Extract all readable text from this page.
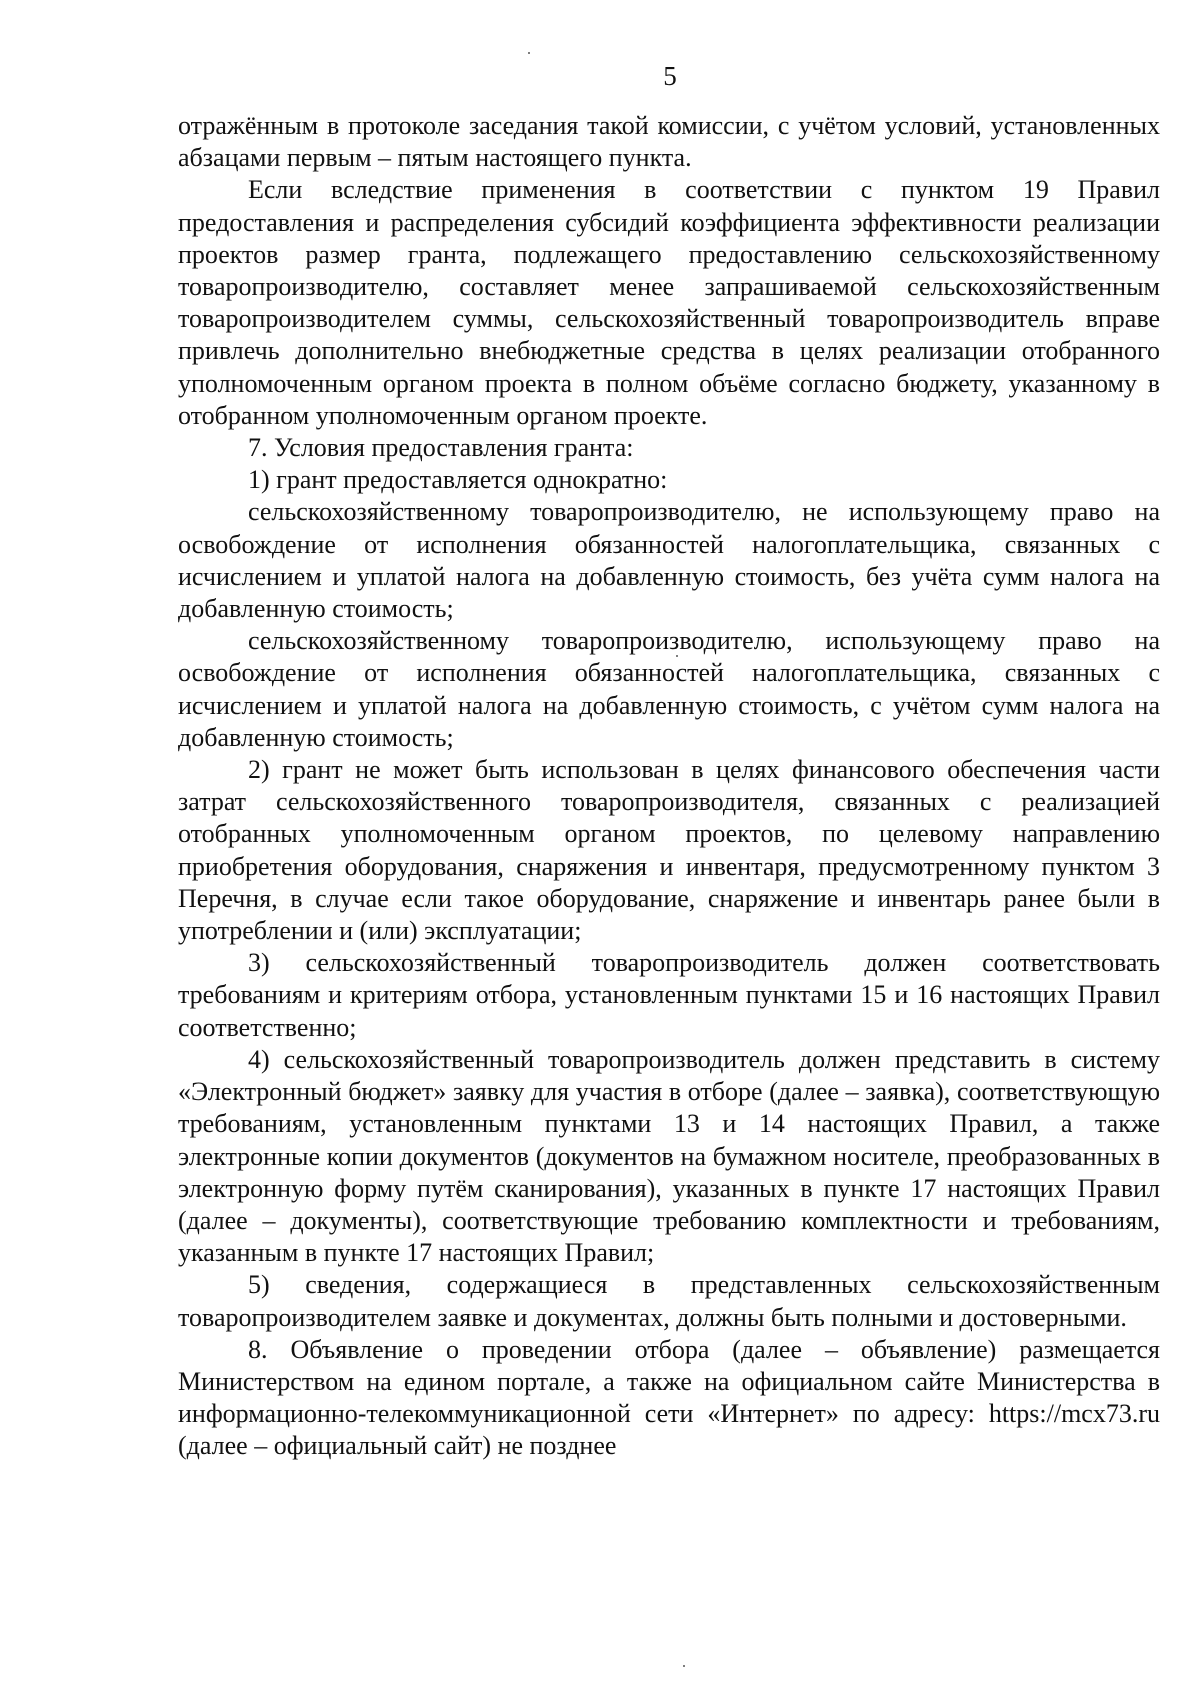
5

отражённым в протоколе заседания такой комиссии, с учётом условий, установленных абзацами первым – пятым настоящего пункта.

Если вследствие применения в соответствии с пунктом 19 Правил предоставления и распределения субсидий коэффициента эффективности реализации проектов размер гранта, подлежащего предоставлению сельскохозяйственному товаропроизводителю, составляет менее запрашиваемой сельскохозяйственным товаропроизводителем суммы, сельскохозяйственный товаропроизводитель вправе привлечь дополнительно внебюджетные средства в целях реализации отобранного уполномоченным органом проекта в полном объёме согласно бюджету, указанному в отобранном уполномоченным органом проекте.

7. Условия предоставления гранта:

1) грант предоставляется однократно:

сельскохозяйственному товаропроизводителю, не использующему право на освобождение от исполнения обязанностей налогоплательщика, связанных с исчислением и уплатой налога на добавленную стоимость, без учёта сумм налога на добавленную стоимость;

сельскохозяйственному товаропроизводителю, использующему право на освобождение от исполнения обязанностей налогоплательщика, связанных с исчислением и уплатой налога на добавленную стоимость, с учётом сумм налога на добавленную стоимость;

2) грант не может быть использован в целях финансового обеспечения части затрат сельскохозяйственного товаропроизводителя, связанных с реализацией отобранных уполномоченным органом проектов, по целевому направлению приобретения оборудования, снаряжения и инвентаря, предусмотренному пунктом 3 Перечня, в случае если такое оборудование, снаряжение и инвентарь ранее были в употреблении и (или) эксплуатации;

3) сельскохозяйственный товаропроизводитель должен соответствовать требованиям и критериям отбора, установленным пунктами 15 и 16 настоящих Правил соответственно;

4) сельскохозяйственный товаропроизводитель должен представить в систему «Электронный бюджет» заявку для участия в отборе (далее – заявка), соответствующую требованиям, установленным пунктами 13 и 14 настоящих Правил, а также электронные копии документов (документов на бумажном носителе, преобразованных в электронную форму путём сканирования), указанных в пункте 17 настоящих Правил (далее – документы), соответствующие требованию комплектности и требованиям, указанным в пункте 17 настоящих Правил;

5) сведения, содержащиеся в представленных сельскохозяйственным товаропроизводителем заявке и документах, должны быть полными и достоверными.

8. Объявление о проведении отбора (далее – объявление) размещается Министерством на едином портале, а также на официальном сайте Министерства в информационно-телекоммуникационной сети «Интернет» по адресу: https://mcx73.ru (далее – официальный сайт) не позднее
